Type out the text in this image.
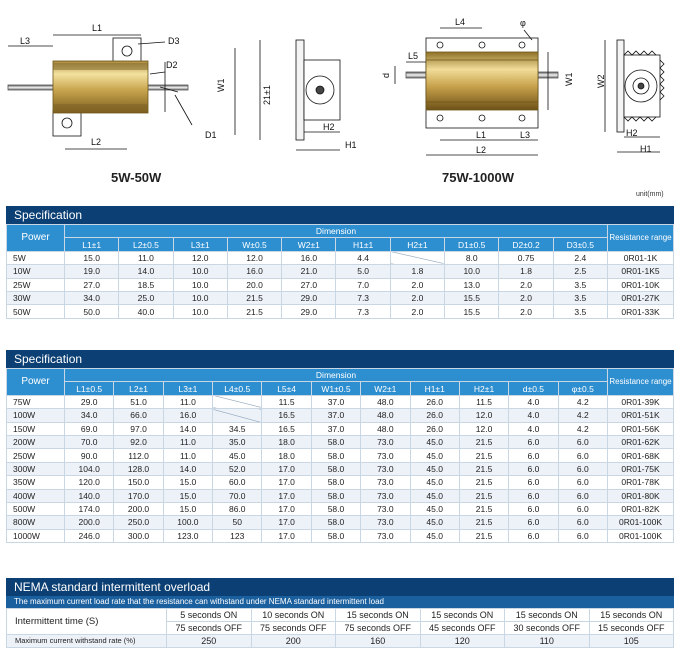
L1
L3	D3
D2
D1
L2
W1	21±1
H2
H1
L4	φ
L5
d	W1
L1	L3
L2
W2
H2
H1
5W-50W	75W-1000W
unit(mm)
Specification
Power	Dimension										Resistance range
	L1±1	L2±0.5	L3±1	W±0.5	W2±1	H1±1	H2±1	D1±0.5	D2±0.2	D3±0.5	
5W	15.0	11.0	12.0	12.0	16.0	4.4		8.0	0.75	2.4	0R01-1K
10W	19.0	14.0	10.0	16.0	21.0	5.0	1.8	10.0	1.8	2.5	0R01-1K5
25W	27.0	18.5	10.0	20.0	27.0	7.0	2.0	13.0	2.0	3.5	0R01-10K
30W	34.0	25.0	10.0	21.5	29.0	7.3	2.0	15.5	2.0	3.5	0R01-27K
50W	50.0	40.0	10.0	21.5	29.0	7.3	2.0	15.5	2.0	3.5	0R01-33K
Specification
Power	Dimension											Resistance range
	L1±0.5	L2±1	L3±1	L4±0.5	L5±4	W1±0.5	W2±1	H1±1	H2±1	d±0.5	φ±0.5	
75W	29.0	51.0	11.0		11.5	37.0	48.0	26.0	11.5	4.0	4.2	0R01-39K
100W	34.0	66.0	16.0		16.5	37.0	48.0	26.0	12.0	4.0	4.2	0R01-51K
150W	69.0	97.0	14.0	34.5	16.5	37.0	48.0	26.0	12.0	4.0	4.2	0R01-56K
200W	70.0	92.0	11.0	35.0	18.0	58.0	73.0	45.0	21.5	6.0	6.0	0R01-62K
250W	90.0	112.0	11.0	45.0	18.0	58.0	73.0	45.0	21.5	6.0	6.0	0R01-68K
300W	104.0	128.0	14.0	52.0	17.0	58.0	73.0	45.0	21.5	6.0	6.0	0R01-75K
350W	120.0	150.0	15.0	60.0	17.0	58.0	73.0	45.0	21.5	6.0	6.0	0R01-78K
400W	140.0	170.0	15.0	70.0	17.0	58.0	73.0	45.0	21.5	6.0	6.0	0R01-80K
500W	174.0	200.0	15.0	86.0	17.0	58.0	73.0	45.0	21.5	6.0	6.0	0R01-82K
800W	200.0	250.0	100.0	50	17.0	58.0	73.0	45.0	21.5	6.0	6.0	0R01-100K
1000W	246.0	300.0	123.0	123	17.0	58.0	73.0	45.0	21.5	6.0	6.0	0R01-100K
NEMA standard intermittent overload
The maximum current load rate that the resistance can withstand under NEMA standard intermittent load
Intermittent time (S)	5 seconds ON	10 seconds ON	15 seconds ON	15 seconds ON	15 seconds ON	15 seconds ON
	75 seconds OFF	75 seconds OFF	75 seconds OFF	45 seconds OFF	30 seconds OFF	15 seconds OFF
Maximum current withstand rate (%)	250	200	160	120	110	105
